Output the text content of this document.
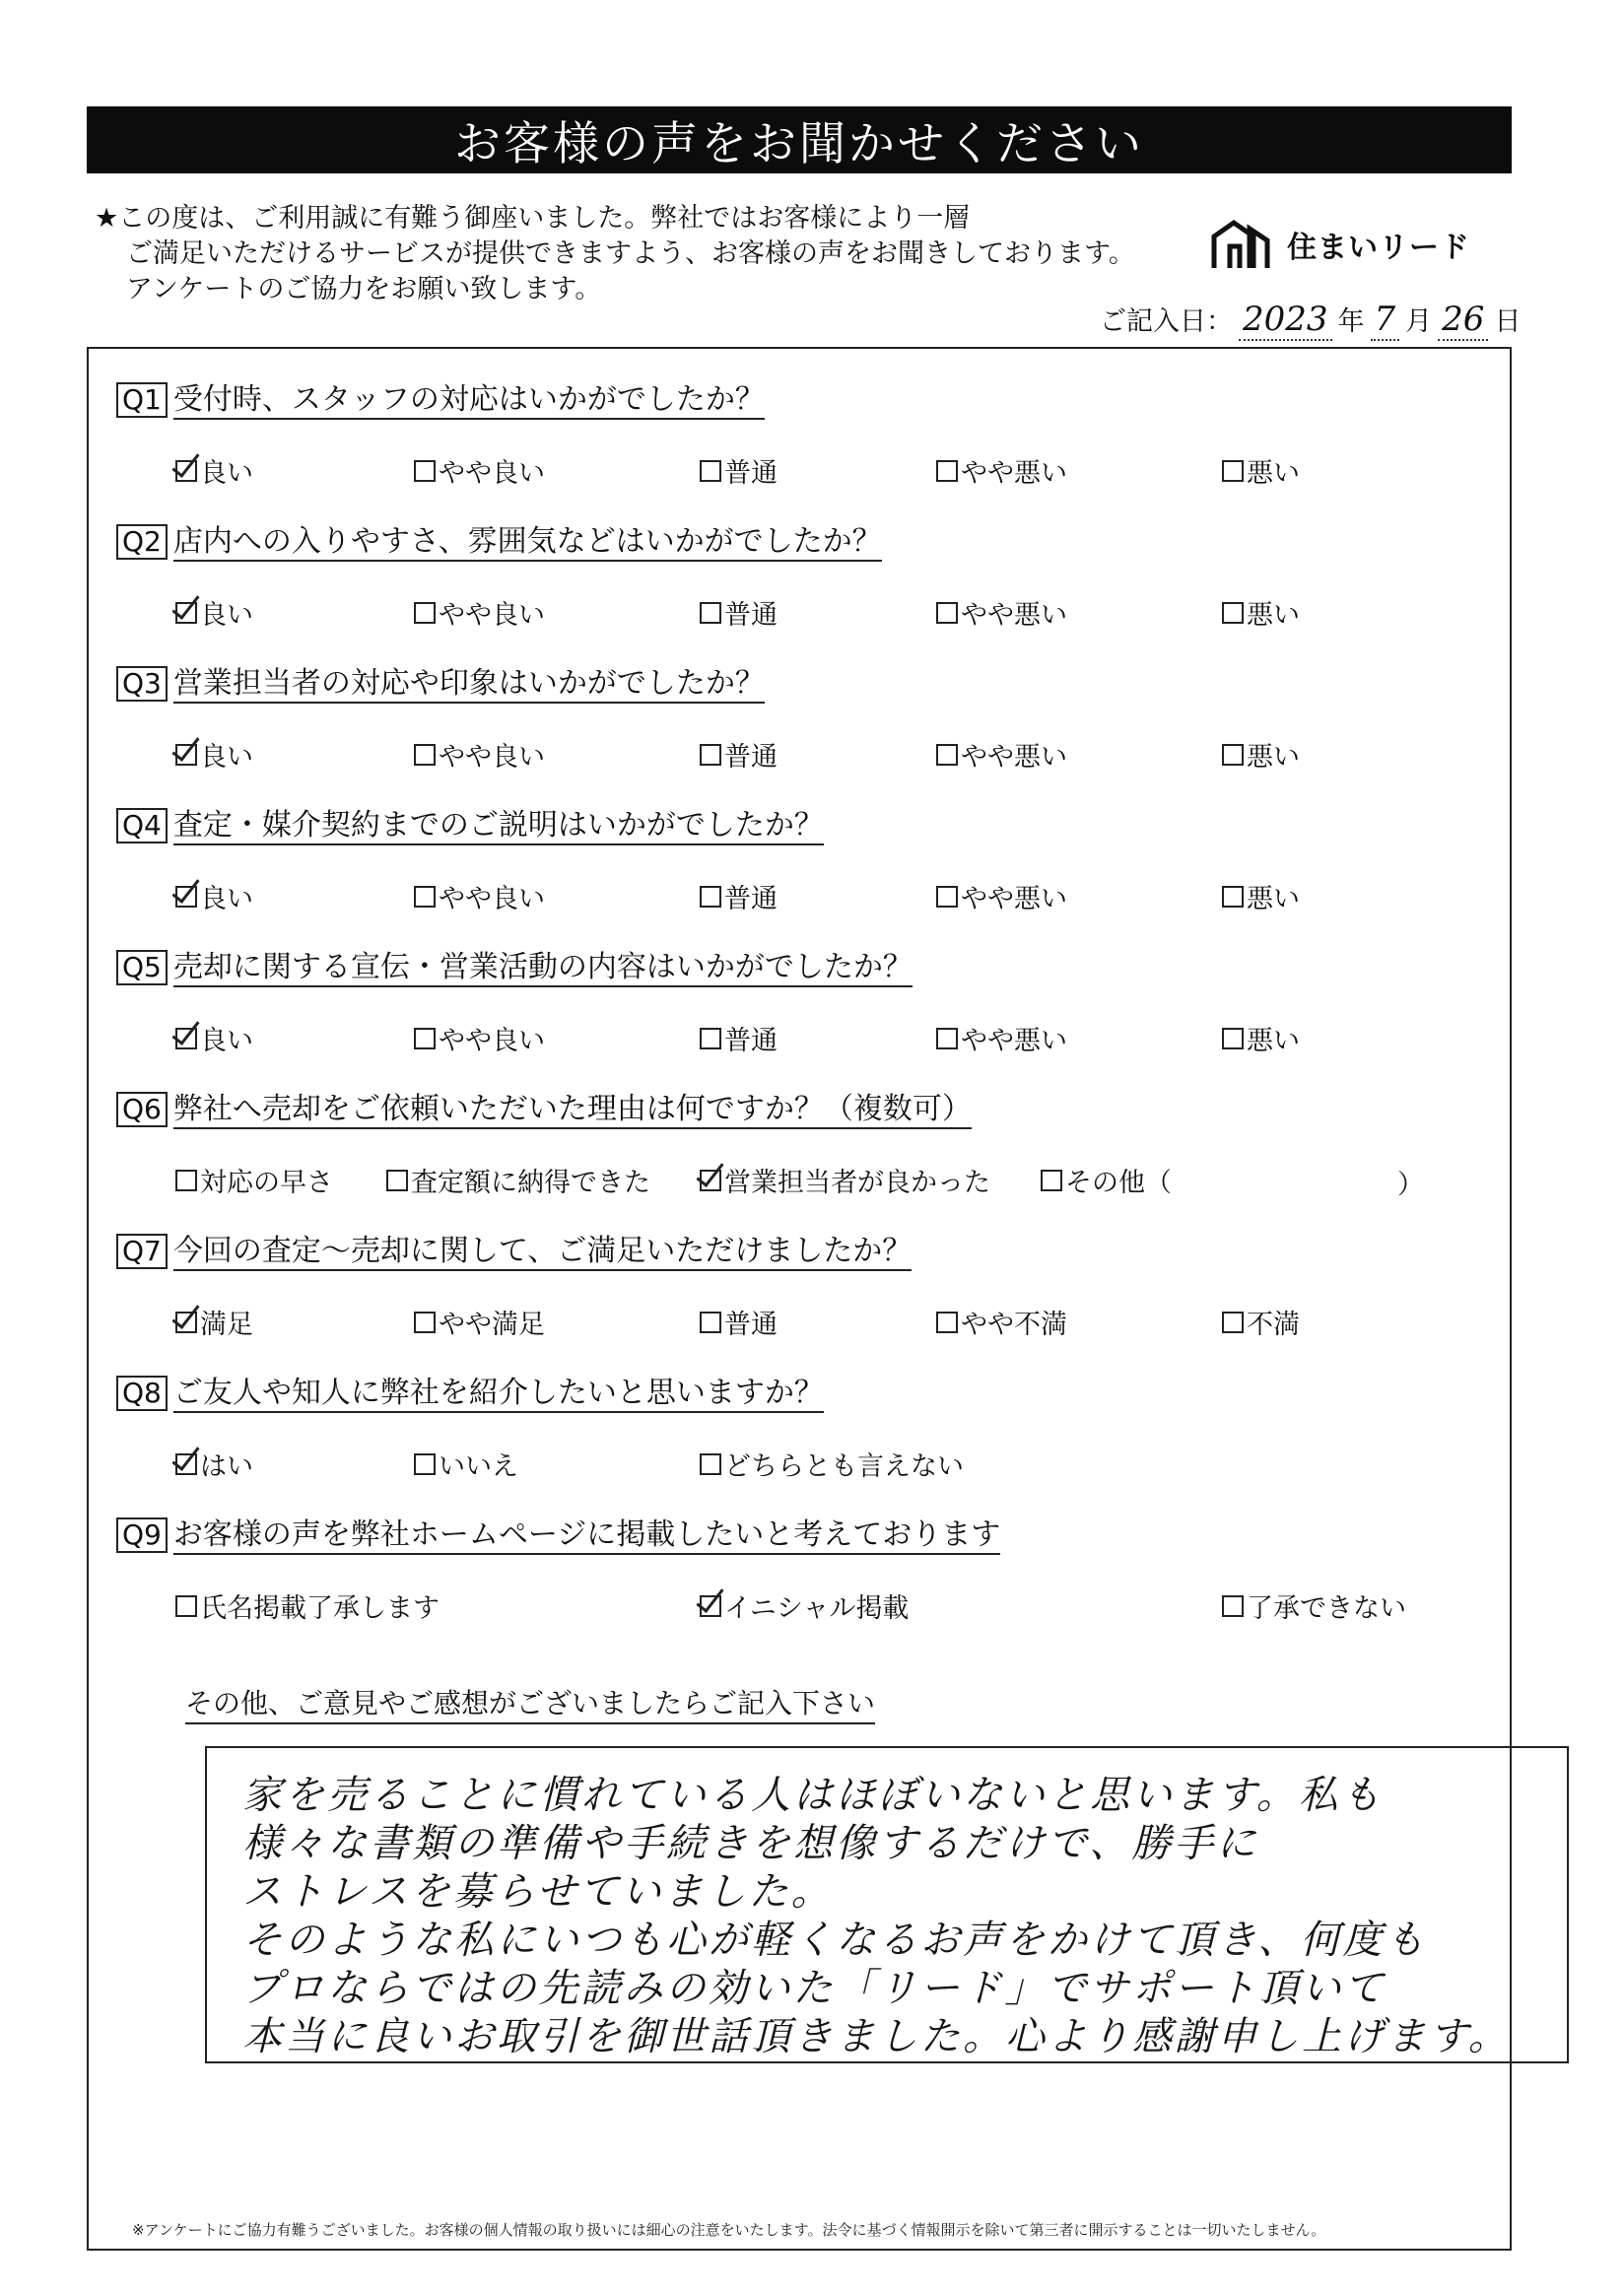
お客様の声をお聞かせください
★この度は、ご利用誠に有難う御座いました。弊社ではお客様により一層
ご満足いただけるサービスが提供できますよう、お客様の声をお聞きしております。
アンケートのご協力をお願い致します。
住まいリード
ご記入日： 2023 年 7 月 26 日
Q1 受付時、スタッフの対応はいかがでしたか？
良い	やや良い	普通	やや悪い	悪い
Q2 店内への入りやすさ、雰囲気などはいかがでしたか？
良い	やや良い	普通	やや悪い	悪い
Q3 営業担当者の対応や印象はいかがでしたか？
良い	やや良い	普通	やや悪い	悪い
Q4 査定・媒介契約までのご説明はいかがでしたか？
良い	やや良い	普通	やや悪い	悪い
Q5 売却に関する宣伝・営業活動の内容はいかがでしたか？
良い	やや良い	普通	やや悪い	悪い
Q6 弊社へ売却をご依頼いただいた理由は何ですか？（複数可）
対応の早さ	査定額に納得できた	営業担当者が良かった	その他（	）
Q7 今回の査定～売却に関して、ご満足いただけましたか？
満足	やや満足	普通	やや不満	不満
Q8 ご友人や知人に弊社を紹介したいと思いますか？
はい	いいえ	どちらとも言えない
Q9 お客様の声を弊社ホームページに掲載したいと考えております
氏名掲載了承します	イニシャル掲載	了承できない
その他、ご意見やご感想がございましたらご記入下さい
家を売ることに慣れている人はほぼいないと思います。私も
様々な書類の準備や手続きを想像するだけで、勝手に
ストレスを募らせていました。
そのような私にいつも心が軽くなるお声をかけて頂き、何度も
プロならではの先読みの効いた「リード」でサポート頂いて
本当に良いお取引を御世話頂きました。心より感謝申し上げます。
※アンケートにご協力有難うございました。お客様の個人情報の取り扱いには細心の注意をいたします。法令に基づく情報開示を除いて第三者に開示することは一切いたしません。
